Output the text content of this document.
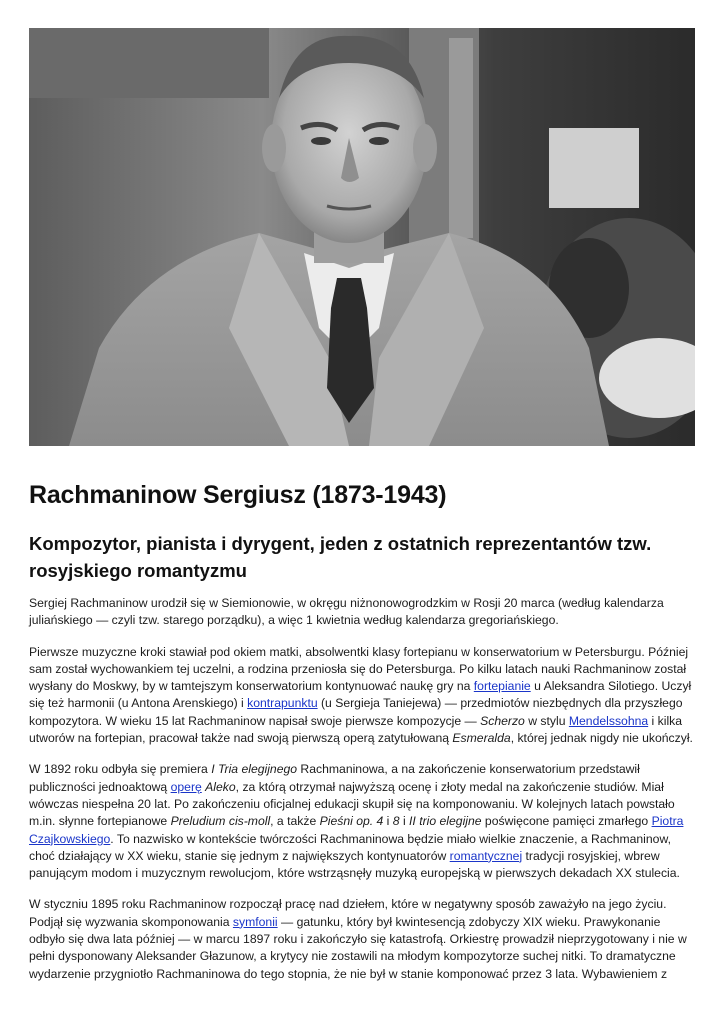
Rachmaninow Sergiusz (1873-1943)
Kompozytor, pianista i dyrygent, jeden z ostatnich reprezentantów tzw. rosyjskiego romantyzmu

Sergiej Rachmaninow urodził się w Siemionowie, w okręgu niżnonowogrodzkim w Rosji 20 marca (według kalendarza juliańskiego — czyli tzw. starego porządku), a więc 1 kwietnia według kalendarza gregoriańskiego.

Pierwsze muzyczne kroki stawiał pod okiem matki, absolwentki klasy fortepianu w konserwatorium w Petersburgu. Później sam został wychowankiem tej uczelni, a rodzina przeniosła się do Petersburga. Po kilku latach nauki Rachmaninow został wysłany do Moskwy, by w tamtejszym konserwatorium kontynuować naukę gry na fortepianie u Aleksandra Silotiego. Uczył się też harmonii (u Antona Arenskiego) i kontrapunktu (u Sergieja Taniejewa) — przedmiotów niezbędnych dla przyszłego kompozytora. W wieku 15 lat Rachmaninow napisał swoje pierwsze kompozycje — Scherzo w stylu Mendelssohna i kilka utworów na fortepian, pracował także nad swoją pierwszą operą zatytułowaną Esmeralda, której jednak nigdy nie ukończył.

W 1892 roku odbyła się premiera I Tria elegijnego Rachmaninowa, a na zakończenie konserwatorium przedstawił publiczności jednoaktową operę Aleko, za którą otrzymał najwyższą ocenę i złoty medal na zakończenie studiów. Miał wówczas niespełna 20 lat. Po zakończeniu oficjalnej edukacji skupił się na komponowaniu. W kolejnych latach powstało m.in. słynne fortepianowe Preludium cis-moll, a także Pieśni op. 4 i 8 i II trio elegijne poświęcone pamięci zmarłego Piotra Czajkowskiego. To nazwisko w kontekście twórczości Rachmaninowa będzie miało wielkie znaczenie, a Rachmaninow, choć działający w XX wieku, stanie się jednym z największych kontynuatorów romantycznej tradycji rosyjskiej, wbrew panującym modom i muzycznym rewolucjom, które wstrząsnęły muzyką europejską w pierwszych dekadach XX stulecia.

W styczniu 1895 roku Rachmaninow rozpoczął pracę nad dziełem, które w negatywny sposób zaważyło na jego życiu. Podjął się wyzwania skomponowania symfonii — gatunku, który był kwintesencją zdobyczy XIX wieku. Prawykonanie odbyło się dwa lata później — w marcu 1897 roku i zakończyło się katastrofą. Orkiestrę prowadził nieprzygotowany i nie w pełni dysponowany Aleksander Głazunow, a krytycy nie zostawili na młodym kompozytorze suchej nitki. To dramatyczne wydarzenie przygniotło Rachmaninowa do tego stopnia, że nie był w stanie komponować przez 3 lata. Wybawieniem z
